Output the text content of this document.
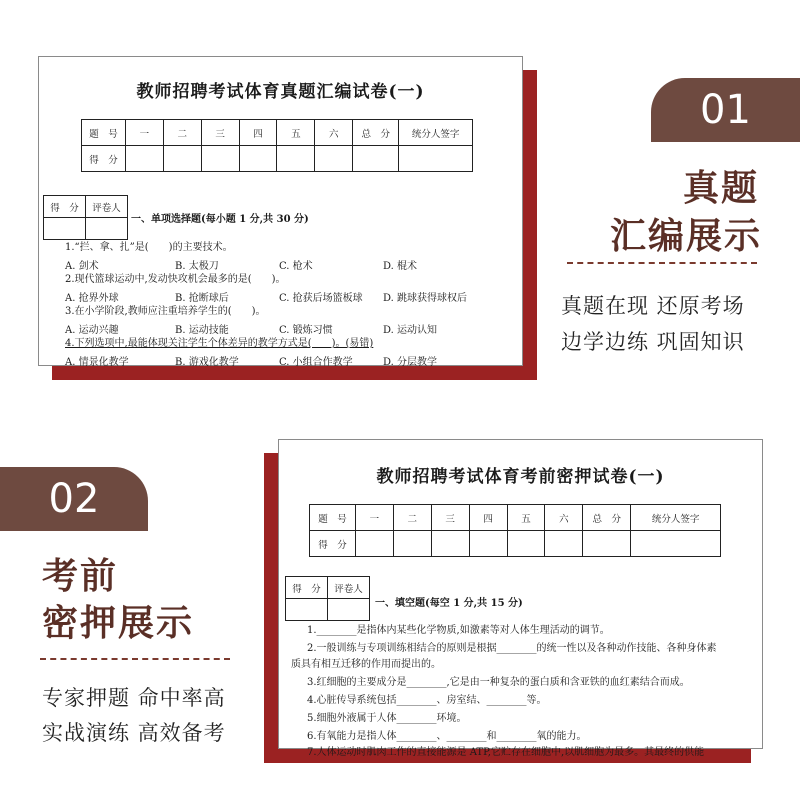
教师招聘考试体育真题汇编试卷(一)
题　号	一	二	三	四	五	六	总　分	统分人签字
得　分								
得　分	评卷人

一、单项选择题(每小题 1 分,共 30 分)
1.“拦、拿、扎”是(　　)的主要技术。
A. 剑术	B. 太极刀	C. 枪术	D. 棍术
2.现代篮球运动中,发动快攻机会最多的是(　　)。
A. 抢界外球	B. 抢断球后	C. 抢获后场篮板球 D. 跳球获得球权后
3.在小学阶段,教师应注重培养学生的(　　)。
A. 运动兴趣	B. 运动技能	C. 锻炼习惯	D. 运动认知
4.下列选项中,最能体现关注学生个体差异的教学方式是(　　)。(易错)
A. 情景化教学	B. 游戏化教学	C. 小组合作教学	D. 分层教学
01
真题
汇编展示
真题在现 还原考场
边学边练 巩固知识
教师招聘考试体育考前密押试卷(一)
题　号	一	二	三	四	五	六	总　分	统分人签字
得　分								
得　分	评卷人

一、填空题(每空 1 分,共 15 分)
1.________是指体内某些化学物质,如激素等对人体生理活动的调节。
2.一般训练与专项训练相结合的原则是根据________的统一性以及各种动作技能、各种身体素
质具有相互迁移的作用而提出的。
3.红细胞的主要成分是________,它是由一种复杂的蛋白质和含亚铁的血红素结合而成。
4.心脏传导系统包括________、房室结、________等。
5.细胞外液属于人体________环境。
6.有氧能力是指人体________、________和________氧的能力。
7.人体运动时肌肉工作的直接能源是 ATP,它贮存在细胞中,以肌细胞为最多。其最终的供能
02
考前
密押展示
专家押题 命中率高
实战演练 高效备考
